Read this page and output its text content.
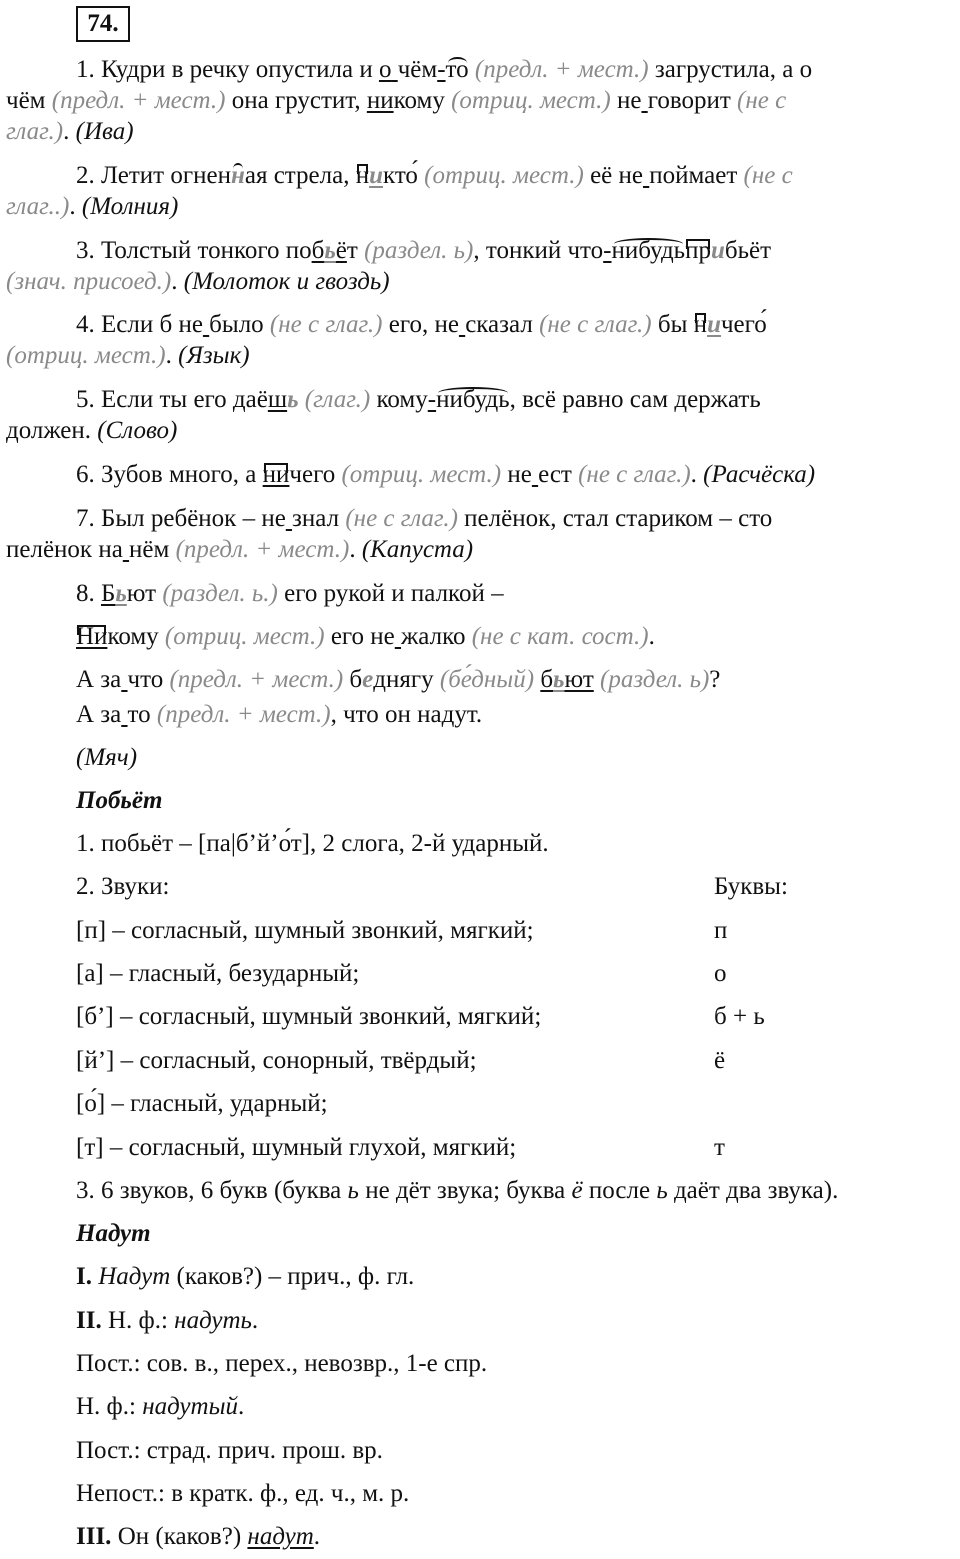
74.
1. Кудри в речку опустила и о чём-то (предл. + мест.) загрустила, а о
чём (предл. + мест.) она грустит, никому (отриц. мест.) не говорит (не с
глаг.). (Ива)
2. Летит огненная стрела, никто́ (отриц. мест.) её не поймает (не с
глаг..). (Молния)
3. Толстый тонкого побьёт (раздел. ь), тонкий что-нибудьприбьёт
(знач. присоед.). (Молоток и гвоздь)
4. Если б не было (не с глаг.) его, не сказал (не с глаг.) бы ничего́
(отриц. мест.). (Язык)
5. Если ты его даёшь (глаг.) кому-нибудь, всё равно сам держать
должен. (Слово)
6. Зубов много, а ничего (отриц. мест.) не ест (не с глаг.). (Расчёска)
7. Был ребёнок – не знал (не с глаг.) пелёнок, стал стариком – сто
пелёнок на нём (предл. + мест.). (Капуста)
8. Бьют (раздел. ь.) его рукой и палкой –
Никому (отриц. мест.) его не жалко (не с кат. сост.).
А за что (предл. + мест.) беднягу (бе́дный) бьют (раздел. ь)?
А за то (предл. + мест.), что он надут.
(Мяч)
Побьёт
1. побьёт – [па|б’й’о́т], 2 слога, 2-й ударный.
2. Звуки:	Буквы:
[п] – согласный, шумный звонкий, мягкий;	п
[а] – гласный, безударный;	о
[б’] – согласный, шумный звонкий, мягкий;	б + ь
[й’] – согласный, сонорный, твёрдый;	ё
[о́] – гласный, ударный;
[т] – согласный, шумный глухой, мягкий;	т
3. 6 звуков, 6 букв (буква ь не дёт звука; буква ё после ь даёт два звука).
Надут
I. Надут (каков?) – прич., ф. гл.
II. Н. ф.: надуть.
Пост.: сов. в., перех., невозвр., 1-е спр.
Н. ф.: надутый.
Пост.: страд. прич. прош. вр.
Непост.: в кратк. ф., ед. ч., м. р.
III. Он (каков?) надут.
